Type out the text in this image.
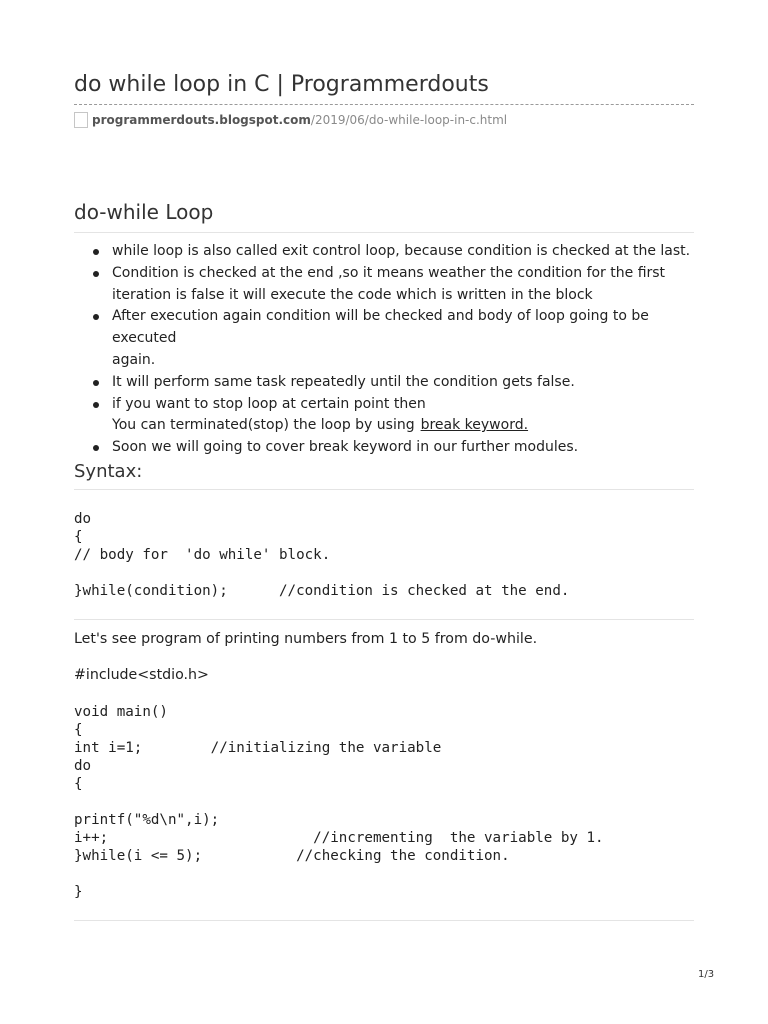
do while loop in C | Programmerdouts
programmerdouts.blogspot.com /2019/06/do-while-loop-in-c.html
do-while Loop
while loop is also called exit control loop, because condition is checked at the last.
Condition is checked at the end ,so it means weather the condition for the first
iteration is false it will execute the code which is written in the block
After execution again condition will be checked and body of loop going to be executed
again.
It will perform same task repeatedly until the condition gets false.
if you want to stop loop at certain point then
You can terminated(stop) the loop by using break keyword.
Soon we will going to cover break keyword in our further modules.
Syntax:
do
{
// body for  'do while' block.

}while(condition);      //condition is checked at the end.
Let's see program of printing numbers from 1 to 5 from do-while.
#include<stdio.h>
void main()
{
int i=1;        //initializing the variable
do
{

printf("%d\n",i);
i++;                        //incrementing  the variable by 1.
}while(i <= 5);           //checking the condition.

}
1/3
